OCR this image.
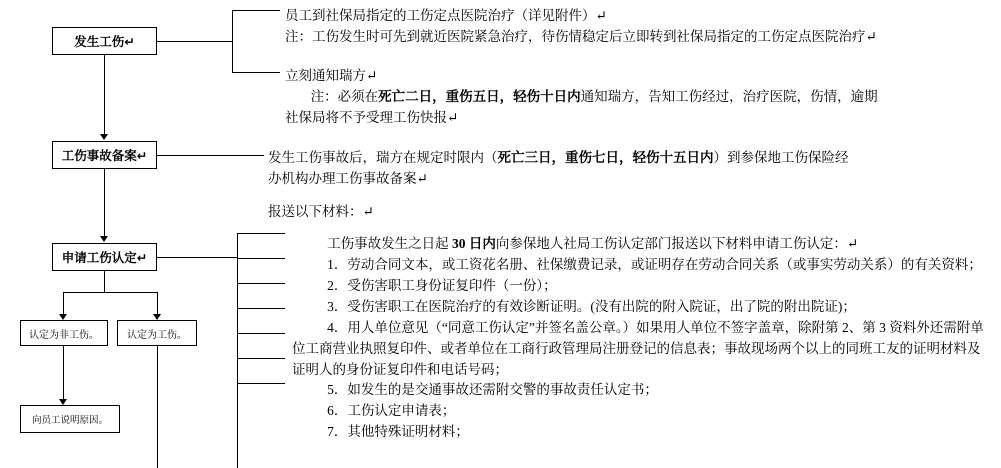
发生工伤↵
工伤事故备案↵
申请工伤认定↵
认定为非工伤。	认定为工伤。
向员工说明原因。

员工到社保局指定的工伤定点医院治疗（详见附件）↵

注：工伤发生时可先到就近医院紧急治疗，待伤情稳定后立即转到社保局指定的工伤定点医院治疗↵

立刻通知瑞方↵

注：必须在死亡二日，重伤五日，轻伤十日内通知瑞方，告知工伤经过，治疗医院，伤情，逾期

社保局将不予受理工伤快报↵

发生工伤事故后，瑞方在规定时限内（死亡三日，重伤七日，轻伤十五日内）到参保地工伤保险经

办机构办理工伤事故备案↵

报送以下材料：↵

工伤事故发生之日起 30 日内向参保地人社局工伤认定部门报送以下材料申请工伤认定：↵

1．劳动合同文本，或工资花名册、社保缴费记录，或证明存在劳动合同关系（或事实劳动关系）的有关资料；

2．受伤害职工身份证复印件（一份）；

3．受伤害职工在医院治疗的有效诊断证明。(没有出院的附入院证，出了院的附出院证)；

4．用人单位意见（“同意工伤认定”并签名盖公章。）如果用人单位不签字盖章，除附第 2、第 3 资料外还需附单位工商营业执照复印件、或者单位在工商行政管理局注册登记的信息表；事故现场两个以上的同班工友的证明材料及证明人的身份证复印件和电话号码；

5．如发生的是交通事故还需附交警的事故责任认定书；

6．工伤认定申请表；

7．其他特殊证明材料；
